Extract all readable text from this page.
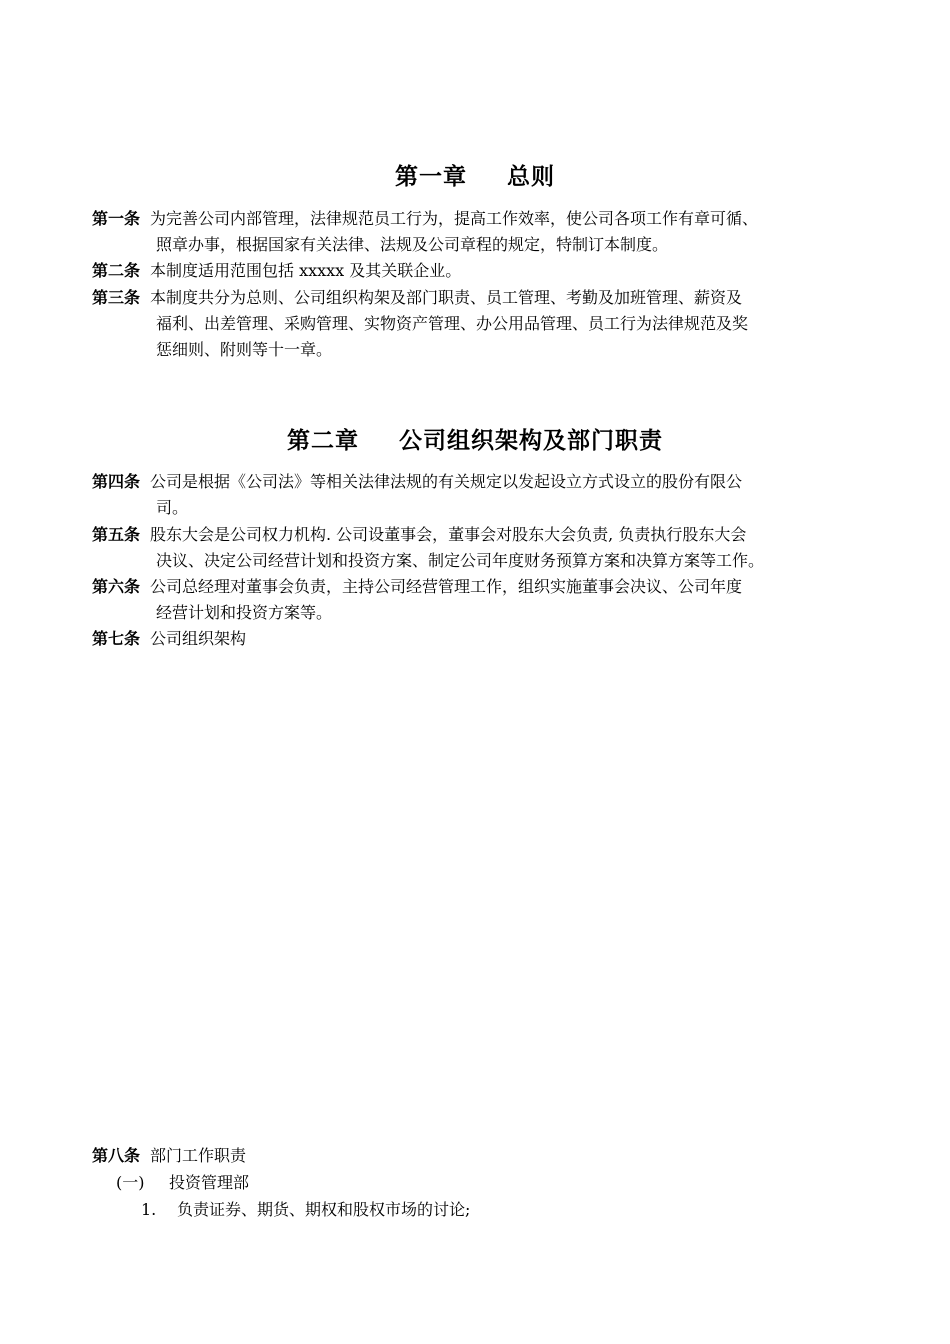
第一章 总则
第一条 为完善公司内部管理，法律规范员工行为，提高工作效率，使公司各项工作有章可循、
照章办事，根据国家有关法律、法规及公司章程的规定，特制订本制度。
第二条 本制度适用范围包括 xxxxx 及其关联企业。
第三条 本制度共分为总则、公司组织构架及部门职责、员工管理、考勤及加班管理、薪资及
福利、出差管理、采购管理、实物资产管理、办公用品管理、员工行为法律规范及奖
惩细则、附则等十一章。
第二章 公司组织架构及部门职责
第四条 公司是根据《公司法》等相关法律法规的有关规定以发起设立方式设立的股份有限公
司。
第五条 股东大会是公司权力机构. 公司设董事会，董事会对股东大会负责, 负责执行股东大会
决议、决定公司经营计划和投资方案、制定公司年度财务预算方案和决算方案等工作。
第六条 公司总经理对董事会负责，主持公司经营管理工作，组织实施董事会决议、公司年度
经营计划和投资方案等。
第七条 公司组织架构
第八条 部门工作职责
(一) 投资管理部
1. 负责证券、期货、期权和股权市场的讨论;
